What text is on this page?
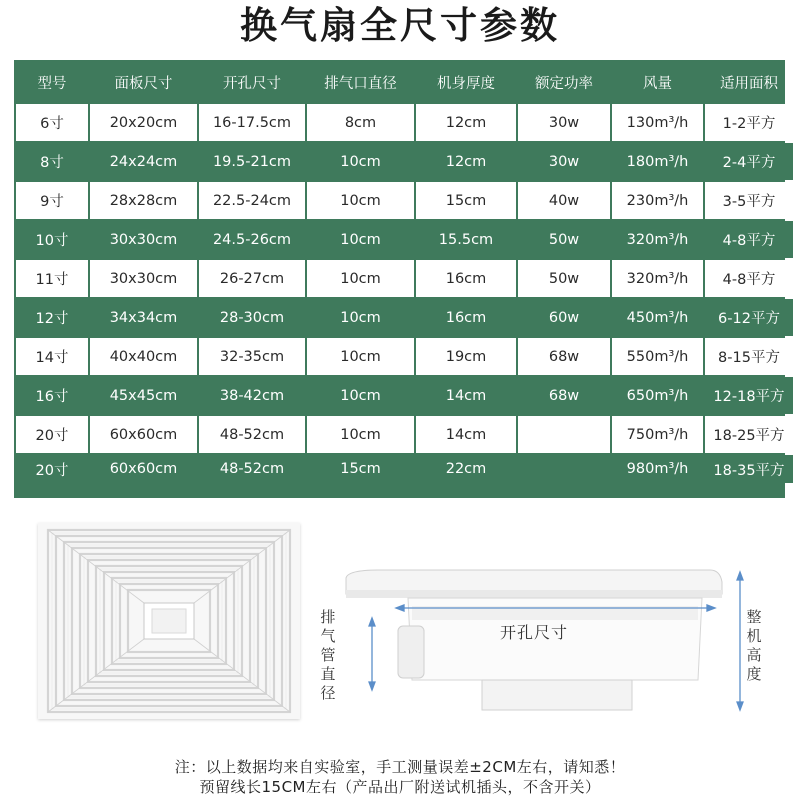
换气扇全尺寸参数
型号	面板尺寸	开孔尺寸	排气口直径	机身厚度	额定功率	风量	适用面积
6寸	20x20cm	16-17.5cm	8cm	12cm	30w	130m³/h	1-2平方
8寸	24x24cm	19.5-21cm	10cm	12cm	30w	180m³/h	2-4平方
9寸	28x28cm	22.5-24cm	10cm	15cm	40w	230m³/h	3-5平方
10寸	30x30cm	24.5-26cm	10cm	15.5cm	50w	320m³/h	4-8平方
11寸	30x30cm	26-27cm	10cm	16cm	50w	320m³/h	4-8平方
12寸	34x34cm	28-30cm	10cm	16cm	60w	450m³/h	6-12平方
14寸	40x40cm	32-35cm	10cm	19cm	68w	550m³/h	8-15平方
16寸	45x45cm	38-42cm	10cm	14cm	68w	650m³/h	12-18平方
20寸	60x60cm	48-52cm	10cm	14cm		750m³/h	18-25平方
20寸	60x60cm	48-52cm	15cm	22cm		980m³/h	18-35平方
开孔尺寸
排气管直径
整机高度
注：以上数据均来自实验室，手工测量误差±2CM左右，请知悉！
预留线长15CM左右（产品出厂附送试机插头，不含开关）
